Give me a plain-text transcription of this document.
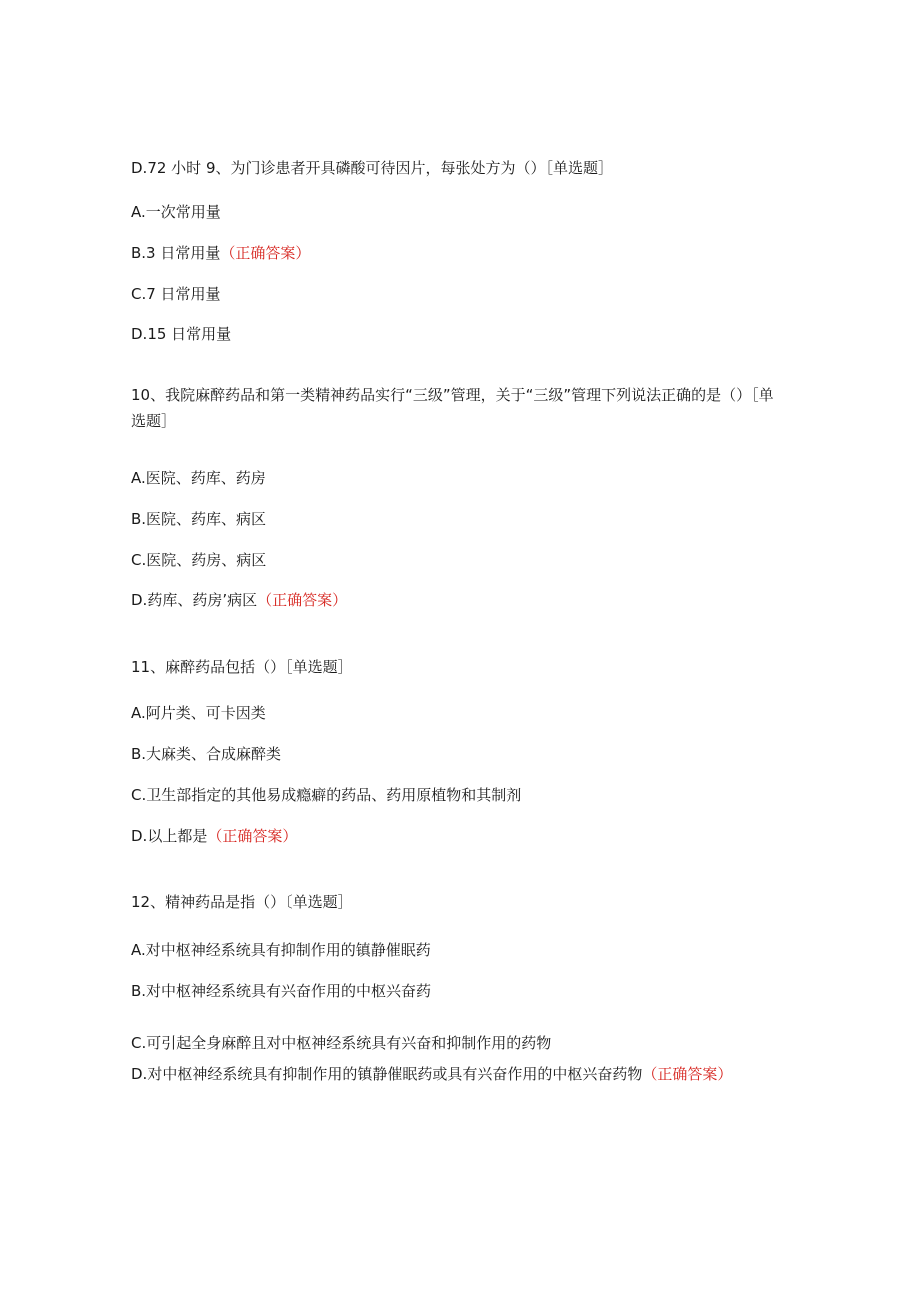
D.72 小时 9、为门诊患者开具磷酸可待因片，每张处方为（）［单选题］
A.一次常用量
B.3 日常用量（正确答案）
C.7 日常用量
D.15 日常用量
10、我院麻醉药品和第一类精神药品实行“三级”管理，关于“三级”管理下列说法正确的是（）［单选题］
A.医院、药库、药房
B.医院、药库、病区
C.医院、药房、病区
D.药库、药房’病区（正确答案）
11、麻醉药品包括（）［单选题］
A.阿片类、可卡因类
B.大麻类、合成麻醉类
C.卫生部指定的其他易成瘾癖的药品、药用原植物和其制剂
D.以上都是（正确答案）
12、精神药品是指（）〔单选题］
A.对中枢神经系统具有抑制作用的镇静催眠药
B.对中枢神经系统具有兴奋作用的中枢兴奋药
C.可引起全身麻醉且对中枢神经系统具有兴奋和抑制作用的药物
D.对中枢神经系统具有抑制作用的镇静催眠药或具有兴奋作用的中枢兴奋药物（正确答案）
